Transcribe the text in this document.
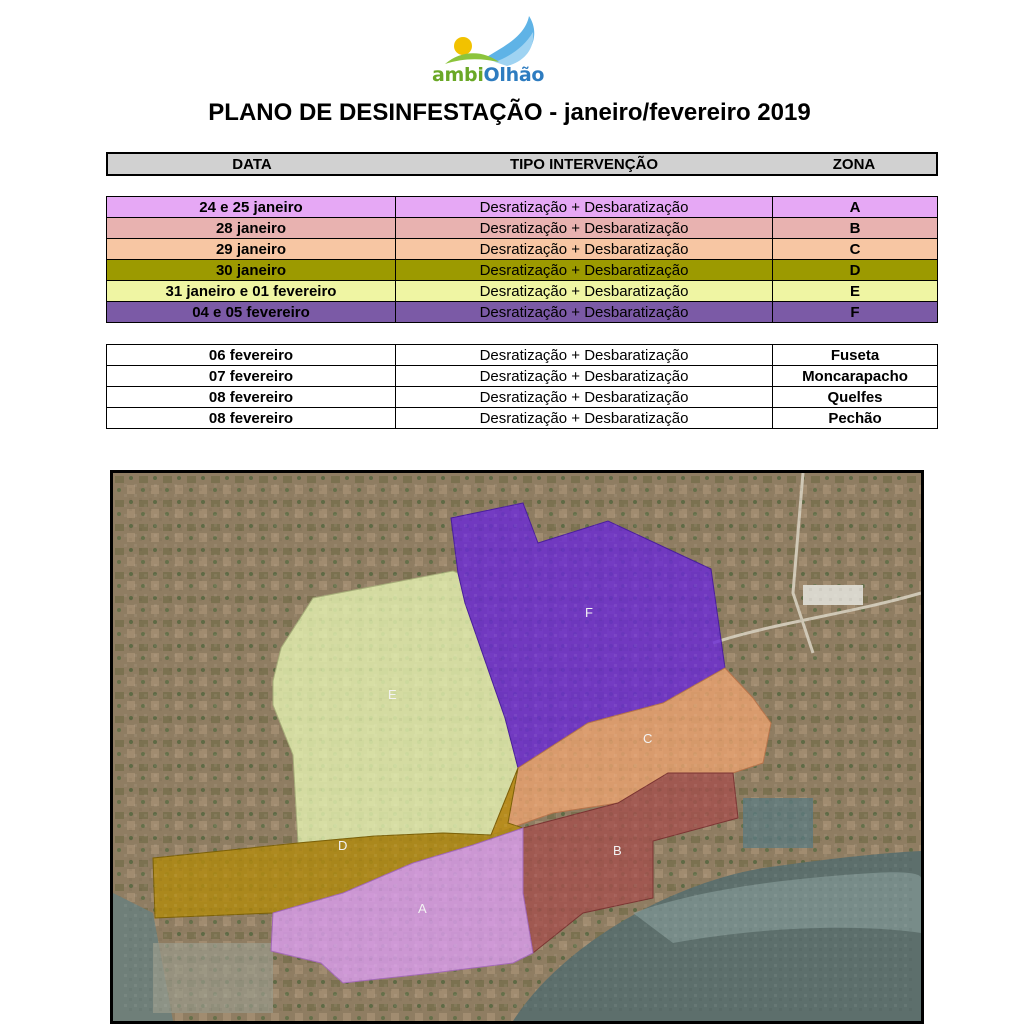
ambiOlhão
PLANO DE DESINFESTAÇÃO - janeiro/fevereiro 2019
DATA	TIPO INTERVENÇÃO	ZONA
24 e 25 janeiro	Desratização + Desbaratização	A
28 janeiro	Desratização + Desbaratização	B
29 janeiro	Desratização + Desbaratização	C
30 janeiro	Desratização + Desbaratização	D
31 janeiro e 01 fevereiro	Desratização + Desbaratização	E
04 e 05 fevereiro	Desratização + Desbaratização	F
06 fevereiro	Desratização + Desbaratização	Fuseta
07 fevereiro	Desratização + Desbaratização	Moncarapacho
08 fevereiro	Desratização + Desbaratização	Quelfes
08 fevereiro	Desratização + Desbaratização	Pechão
F
E
C
D	B
A
